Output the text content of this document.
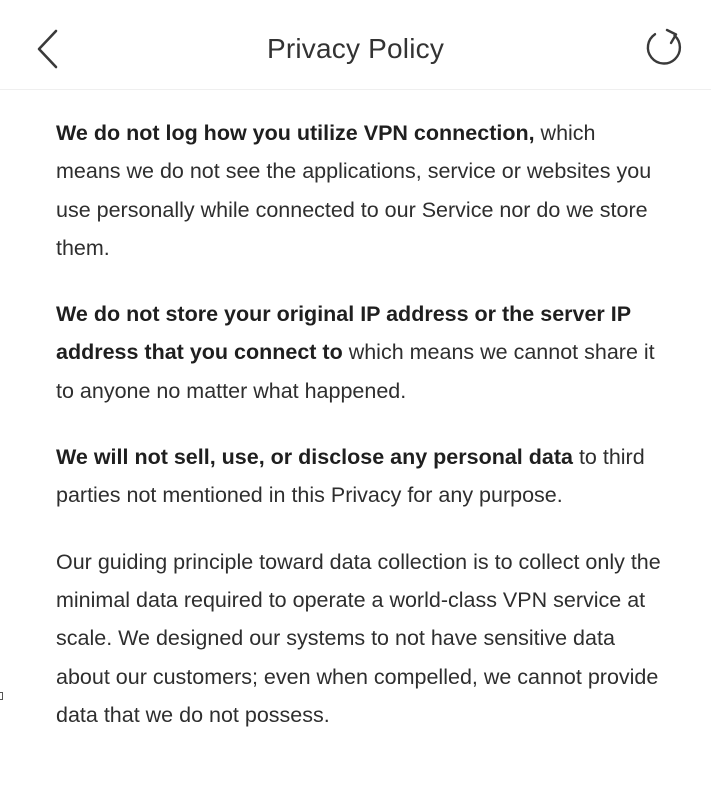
Privacy Policy

We do not log how you utilize VPN connection, which means we do not see the applications, service or websites you use personally while connected to our Service nor do we store them.

We do not store your original IP address or the server IP address that you connect to which means we cannot share it to anyone no matter what happened.

We will not sell, use, or disclose any personal data to third parties not mentioned in this Privacy for any purpose.

Our guiding principle toward data collection is to collect only the minimal data required to operate a world-class VPN service at scale. We designed our systems to not have sensitive data about our customers; even when compelled, we cannot provide data that we do not possess.
